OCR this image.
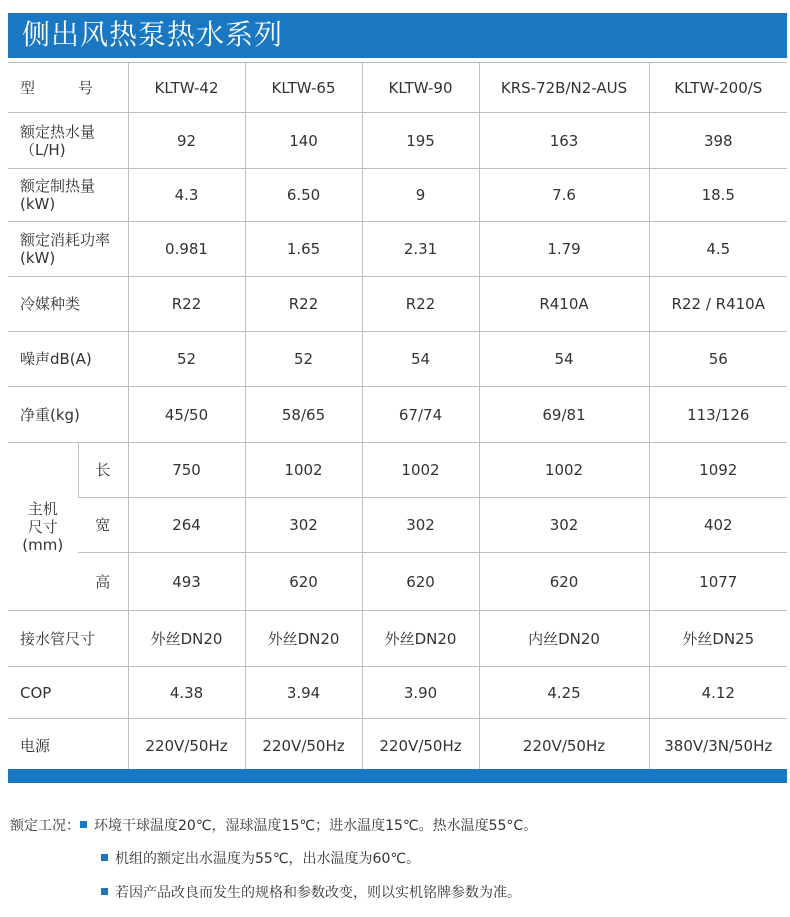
侧出风热泵热水系列
型　号		KLTW-42	KLTW-65	KLTW-90	KRS-72B/N2-AUS	KLTW-200/S

额定热水量
（L/H)		92	140	195	163	398

额定制热量
(kW)		4.3	6.50	9	7.6	18.5

额定消耗功率
(kW)		0.981	1.65	2.31	1.79	4.5
冷媒种类		R22	R22	R22	R410A	R22 / R410A
噪声dB(A)		52	52	54	54	56
净重(kg)		45/50	58/65	67/74	69/81	113/126

主机
尺寸
(mm)	长	750	1002	1002	1002	1092
	宽	264	302	302	302	402
	高	493	620	620	620	1077
接水管尺寸		外丝DN20	外丝DN20	外丝DN20	内丝DN20	外丝DN25
COP		4.38	3.94	3.90	4.25	4.12
电源		220V/50Hz	220V/50Hz	220V/50Hz	220V/50Hz	380V/3N/50Hz
额定工况： 环境干球温度20℃，湿球温度15℃；进水温度15℃。热水温度55°C。
机组的额定出水温度为55℃，出水温度为60℃。
若因产品改良而发生的规格和参数改变，则以实机铭牌参数为准。
